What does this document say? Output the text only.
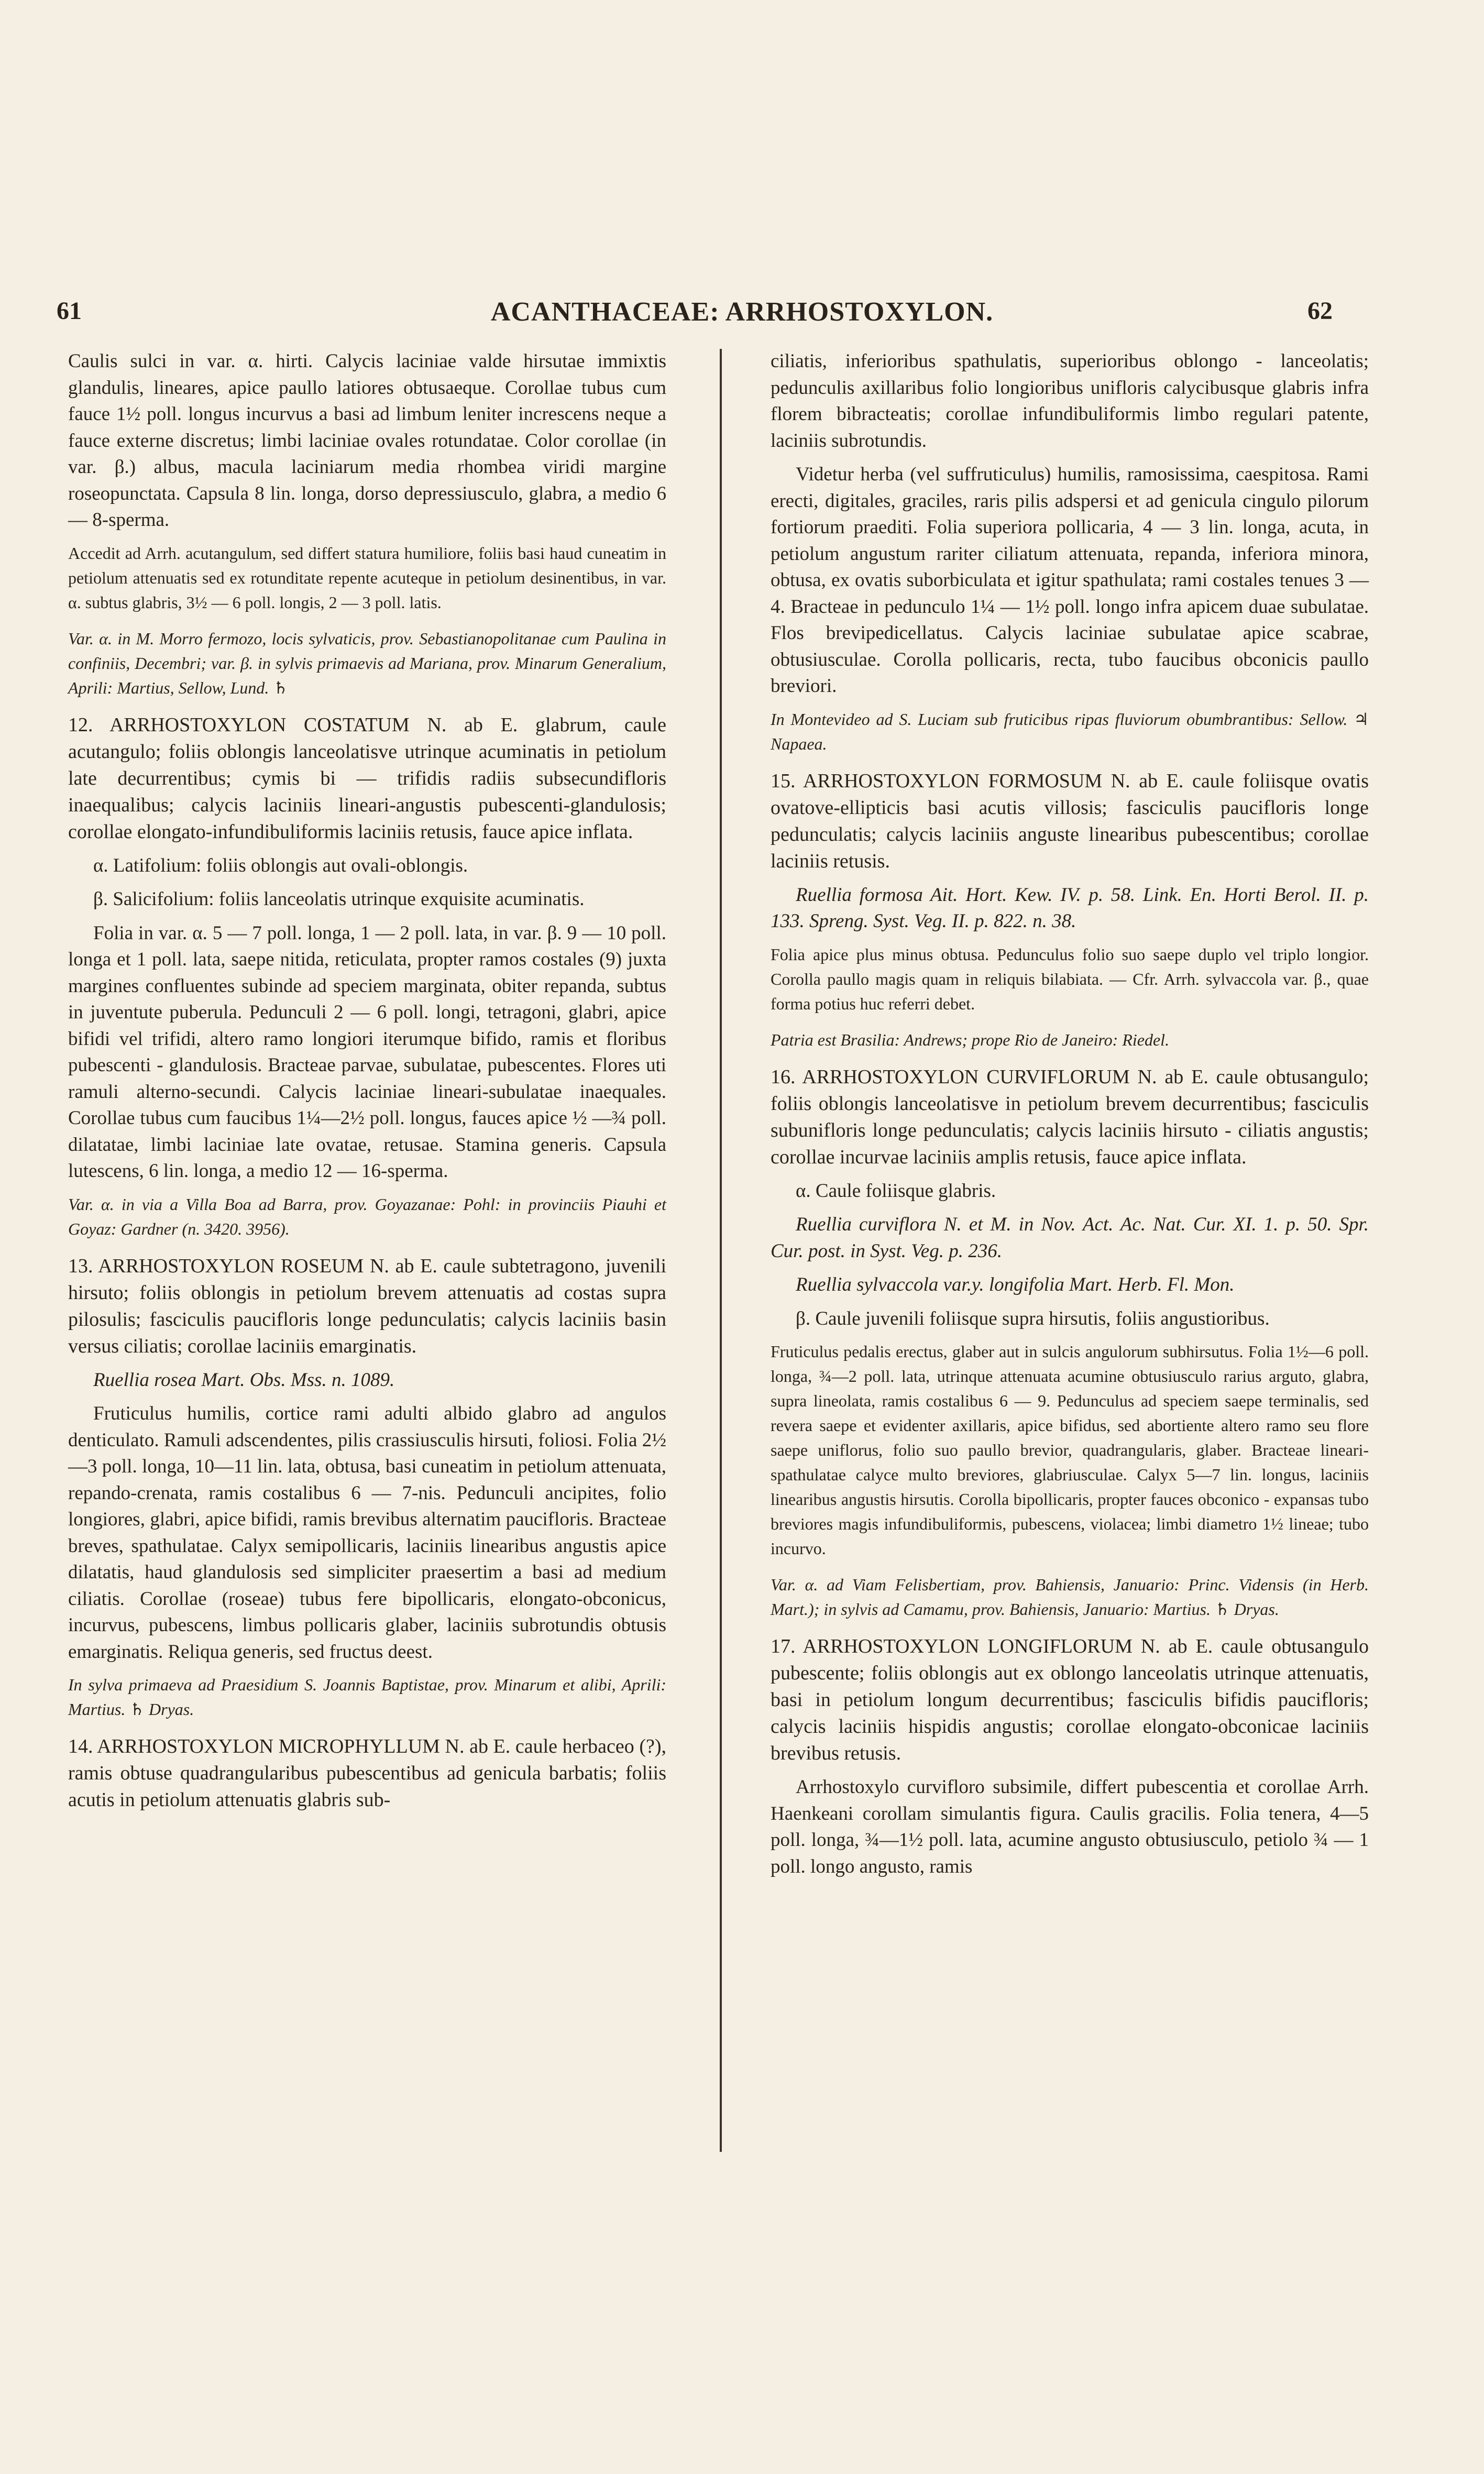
61	ACANTHACEAE: ARRHOSTOXYLON.	62

Caulis sulci in var. α. hirti. Calycis laciniae valde hirsutae immixtis glandulis, lineares, apice paullo latiores obtusaeque. Corollae tubus cum fauce 1½ poll. longus incurvus a basi ad limbum leniter increscens neque a fauce externe discretus; limbi laciniae ovales rotundatae. Color corollae (in var. β.) albus, macula laciniarum media rhombea viridi margine roseopunctata. Capsula 8 lin. longa, dorso depressiusculo, glabra, a medio 6 — 8-sperma.

Accedit ad Arrh. acutangulum, sed differt statura humiliore, foliis basi haud cuneatim in petiolum attenuatis sed ex rotunditate repente acuteque in petiolum desinentibus, in var. α. subtus glabris, 3½ — 6 poll. longis, 2 — 3 poll. latis.

Var. α. in M. Morro fermozo, locis sylvaticis, prov. Sebastianopolitanae cum Paulina in confiniis, Decembri; var. β. in sylvis primaevis ad Mariana, prov. Minarum Generalium, Aprili: Martius, Sellow, Lund. ♄

12. ARRHOSTOXYLON COSTATUM N. ab E. glabrum, caule acutangulo; foliis oblongis lanceolatisve utrinque acuminatis in petiolum late decurrentibus; cymis bi — trifidis radiis subsecundifloris inaequalibus; calycis laciniis lineari-angustis pubescenti-glandulosis; corollae elongato-infundibuliformis laciniis retusis, fauce apice inflata.

α. Latifolium: foliis oblongis aut ovali-oblongis.

β. Salicifolium: foliis lanceolatis utrinque exquisite acuminatis.

Folia in var. α. 5 — 7 poll. longa, 1 — 2 poll. lata, in var. β. 9 — 10 poll. longa et 1 poll. lata, saepe nitida, reticulata, propter ramos costales (9) juxta margines confluentes subinde ad speciem marginata, obiter repanda, subtus in juventute puberula. Pedunculi 2 — 6 poll. longi, tetragoni, glabri, apice bifidi vel trifidi, altero ramo longiori iterumque bifido, ramis et floribus pubescenti - glandulosis. Bracteae parvae, subulatae, pubescentes. Flores uti ramuli alterno-secundi. Calycis laciniae lineari-subulatae inaequales. Corollae tubus cum faucibus 1¼—2½ poll. longus, fauces apice ½ —¾ poll. dilatatae, limbi laciniae late ovatae, retusae. Stamina generis. Capsula lutescens, 6 lin. longa, a medio 12 — 16-sperma.

Var. α. in via a Villa Boa ad Barra, prov. Goyazanae: Pohl: in provinciis Piauhi et Goyaz: Gardner (n. 3420. 3956).

13. ARRHOSTOXYLON ROSEUM N. ab E. caule subtetragono, juvenili hirsuto; foliis oblongis in petiolum brevem attenuatis ad costas supra pilosulis; fasciculis paucifloris longe pedunculatis; calycis laciniis basin versus ciliatis; corollae laciniis emarginatis.

Ruellia rosea Mart. Obs. Mss. n. 1089.

Fruticulus humilis, cortice rami adulti albido glabro ad angulos denticulato. Ramuli adscendentes, pilis crassiusculis hirsuti, foliosi. Folia 2½—3 poll. longa, 10—11 lin. lata, obtusa, basi cuneatim in petiolum attenuata, repando-crenata, ramis costalibus 6 — 7-nis. Pedunculi ancipites, folio longiores, glabri, apice bifidi, ramis brevibus alternatim paucifloris. Bracteae breves, spathulatae. Calyx semipollicaris, laciniis linearibus angustis apice dilatatis, haud glandulosis sed simpliciter praesertim a basi ad medium ciliatis. Corollae (roseae) tubus fere bipollicaris, elongato-obconicus, incurvus, pubescens, limbus pollicaris glaber, laciniis subrotundis obtusis emarginatis. Reliqua generis, sed fructus deest.

In sylva primaeva ad Praesidium S. Joannis Baptistae, prov. Minarum et alibi, Aprili: Martius. ♄ Dryas.

14. ARRHOSTOXYLON MICROPHYLLUM N. ab E. caule herbaceo (?), ramis obtuse quadrangularibus pubescentibus ad genicula barbatis; foliis acutis in petiolum attenuatis glabris sub-

ciliatis, inferioribus spathulatis, superioribus oblongo - lanceolatis; pedunculis axillaribus folio longioribus unifloris calycibusque glabris infra florem bibracteatis; corollae infundibuliformis limbo regulari patente, laciniis subrotundis.

Videtur herba (vel suffruticulus) humilis, ramosissima, caespitosa. Rami erecti, digitales, graciles, raris pilis adspersi et ad genicula cingulo pilorum fortiorum praediti. Folia superiora pollicaria, 4 — 3 lin. longa, acuta, in petiolum angustum rariter ciliatum attenuata, repanda, inferiora minora, obtusa, ex ovatis suborbiculata et igitur spathulata; rami costales tenues 3 — 4. Bracteae in pedunculo 1¼ — 1½ poll. longo infra apicem duae subulatae. Flos brevipedicellatus. Calycis laciniae subulatae apice scabrae, obtusiusculae. Corolla pollicaris, recta, tubo faucibus obconicis paullo breviori.

In Montevideo ad S. Luciam sub fruticibus ripas fluviorum obumbrantibus: Sellow. ♃ Napaea.

15. ARRHOSTOXYLON FORMOSUM N. ab E. caule foliisque ovatis ovatove-ellipticis basi acutis villosis; fasciculis paucifloris longe pedunculatis; calycis laciniis anguste linearibus pubescentibus; corollae laciniis retusis.

Ruellia formosa Ait. Hort. Kew. IV. p. 58. Link. En. Horti Berol. II. p. 133. Spreng. Syst. Veg. II. p. 822. n. 38.

Folia apice plus minus obtusa. Pedunculus folio suo saepe duplo vel triplo longior. Corolla paullo magis quam in reliquis bilabiata. — Cfr. Arrh. sylvaccola var. β., quae forma potius huc referri debet.

Patria est Brasilia: Andrews; prope Rio de Janeiro: Riedel.

16. ARRHOSTOXYLON CURVIFLORUM N. ab E. caule obtusangulo; foliis oblongis lanceolatisve in petiolum brevem decurrentibus; fasciculis subunifloris longe pedunculatis; calycis laciniis hirsuto - ciliatis angustis; corollae incurvae laciniis amplis retusis, fauce apice inflata.

α. Caule foliisque glabris.

Ruellia curviflora N. et M. in Nov. Act. Ac. Nat. Cur. XI. 1. p. 50. Spr. Cur. post. in Syst. Veg. p. 236.

Ruellia sylvaccola var.y. longifolia Mart. Herb. Fl. Mon.

β. Caule juvenili foliisque supra hirsutis, foliis angustioribus.

Fruticulus pedalis erectus, glaber aut in sulcis angulorum subhirsutus. Folia 1½—6 poll. longa, ¾—2 poll. lata, utrinque attenuata acumine obtusiusculo rarius arguto, glabra, supra lineolata, ramis costalibus 6 — 9. Pedunculus ad speciem saepe terminalis, sed revera saepe et evidenter axillaris, apice bifidus, sed abortiente altero ramo seu flore saepe uniflorus, folio suo paullo brevior, quadrangularis, glaber. Bracteae lineari-spathulatae calyce multo breviores, glabriusculae. Calyx 5—7 lin. longus, laciniis linearibus angustis hirsutis. Corolla bipollicaris, propter fauces obconico - expansas tubo breviores magis infundibuliformis, pubescens, violacea; limbi diametro 1½ lineae; tubo incurvo.

Var. α. ad Viam Felisbertiam, prov. Bahiensis, Januario: Princ. Vidensis (in Herb. Mart.); in sylvis ad Camamu, prov. Bahiensis, Januario: Martius. ♄ Dryas.

17. ARRHOSTOXYLON LONGIFLORUM N. ab E. caule obtusangulo pubescente; foliis oblongis aut ex oblongo lanceolatis utrinque attenuatis, basi in petiolum longum decurrentibus; fasciculis bifidis paucifloris; calycis laciniis hispidis angustis; corollae elongato-obconicae laciniis brevibus retusis.

Arrhostoxylo curvifloro subsimile, differt pubescentia et corollae Arrh. Haenkeani corollam simulantis figura. Caulis gracilis. Folia tenera, 4—5 poll. longa, ¾—1½ poll. lata, acumine angusto obtusiusculo, petiolo ¾ — 1 poll. longo angusto, ramis
